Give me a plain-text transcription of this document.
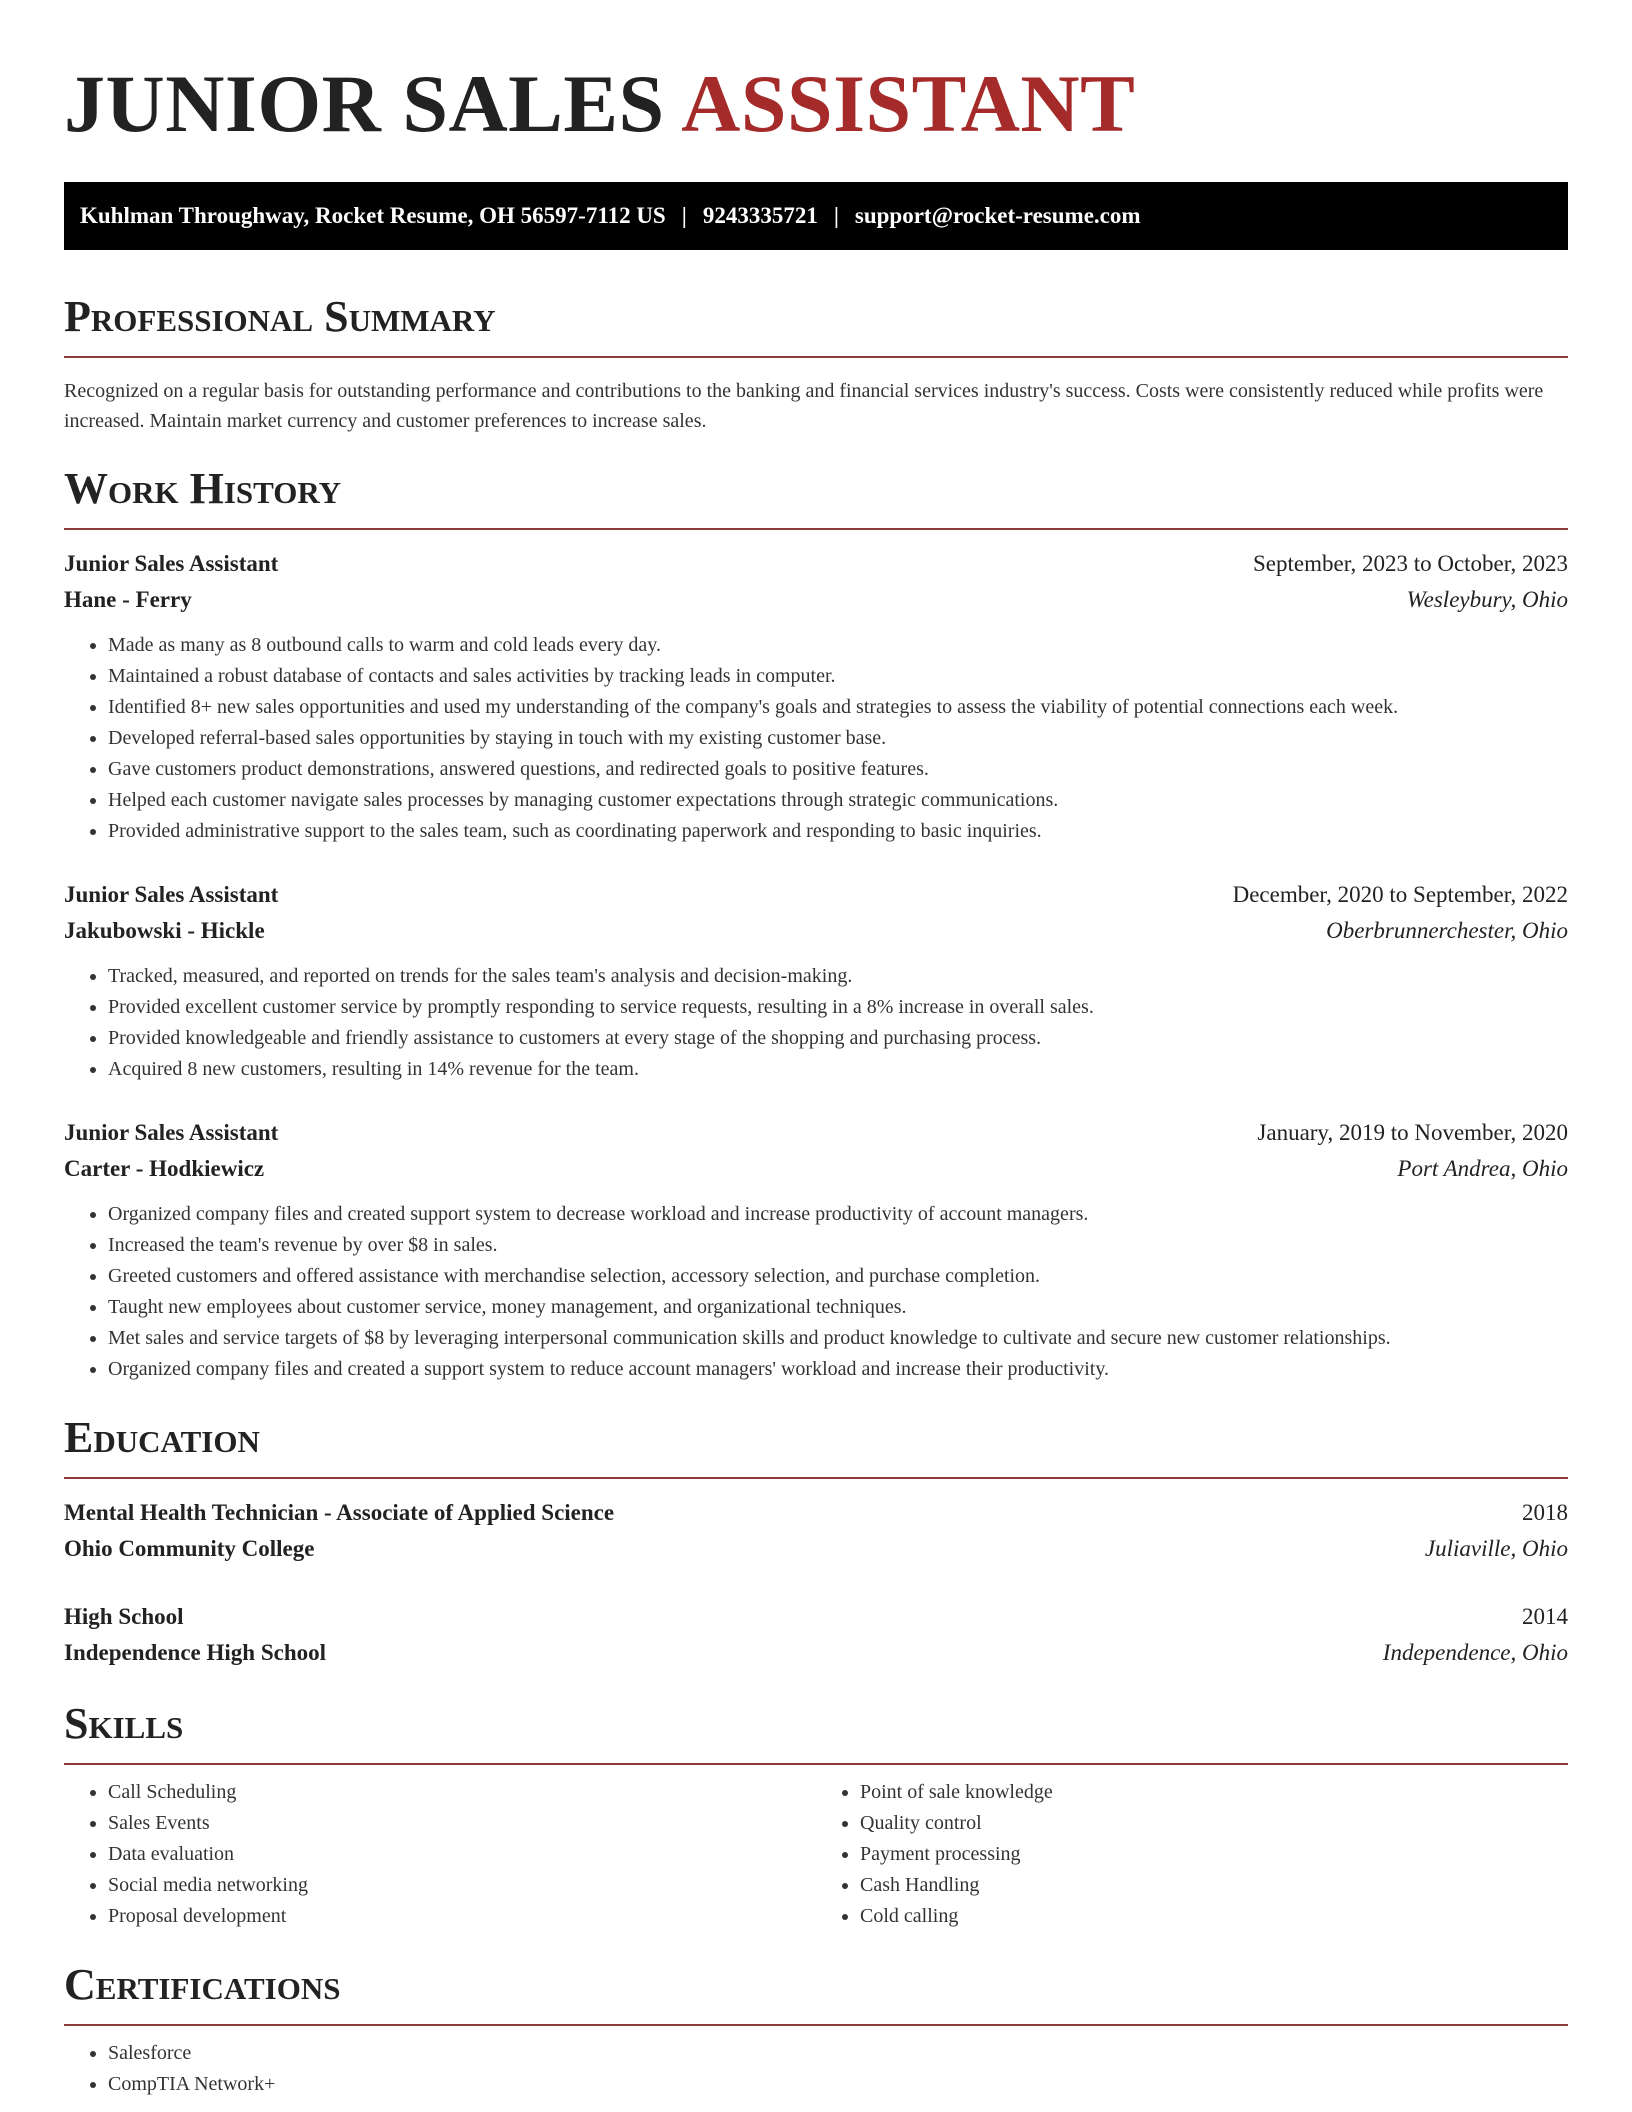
JUNIOR SALES ASSISTANT
Kuhlman Throughway, Rocket Resume, OH 56597-7112 US | 9243335721 | support@rocket-resume.com
Professional Summary

Recognized on a regular basis for outstanding performance and contributions to the banking and financial services industry's success. Costs were consistently reduced while profits were increased. Maintain market currency and customer preferences to increase sales.

Work History
Junior Sales Assistant	September, 2023 to October, 2023
Hane - Ferry	Wesleybury, Ohio
• Made as many as 8 outbound calls to warm and cold leads every day.
• Maintained a robust database of contacts and sales activities by tracking leads in computer.
• Identified 8+ new sales opportunities and used my understanding of the company's goals and strategies to assess the viability of potential connections each week.
• Developed referral-based sales opportunities by staying in touch with my existing customer base.
• Gave customers product demonstrations, answered questions, and redirected goals to positive features.
• Helped each customer navigate sales processes by managing customer expectations through strategic communications.
• Provided administrative support to the sales team, such as coordinating paperwork and responding to basic inquiries.
Junior Sales Assistant	December, 2020 to September, 2022
Jakubowski - Hickle	Oberbrunnerchester, Ohio
• Tracked, measured, and reported on trends for the sales team's analysis and decision-making.
• Provided excellent customer service by promptly responding to service requests, resulting in a 8% increase in overall sales.
• Provided knowledgeable and friendly assistance to customers at every stage of the shopping and purchasing process.
• Acquired 8 new customers, resulting in 14% revenue for the team.
Junior Sales Assistant	January, 2019 to November, 2020
Carter - Hodkiewicz	Port Andrea, Ohio
• Organized company files and created support system to decrease workload and increase productivity of account managers.
• Increased the team's revenue by over $8 in sales.
• Greeted customers and offered assistance with merchandise selection, accessory selection, and purchase completion.
• Taught new employees about customer service, money management, and organizational techniques.
• Met sales and service targets of $8 by leveraging interpersonal communication skills and product knowledge to cultivate and secure new customer relationships.
• Organized company files and created a support system to reduce account managers' workload and increase their productivity.
Education
Mental Health Technician - Associate of Applied Science	2018
Ohio Community College	Juliaville, Ohio
High School	2014
Independence High School	Independence, Ohio
Skills
• Call Scheduling
• Sales Events
• Data evaluation
• Social media networking
• Proposal development
• Point of sale knowledge
• Quality control
• Payment processing
• Cash Handling
• Cold calling
Certifications
• Salesforce
• CompTIA Network+
